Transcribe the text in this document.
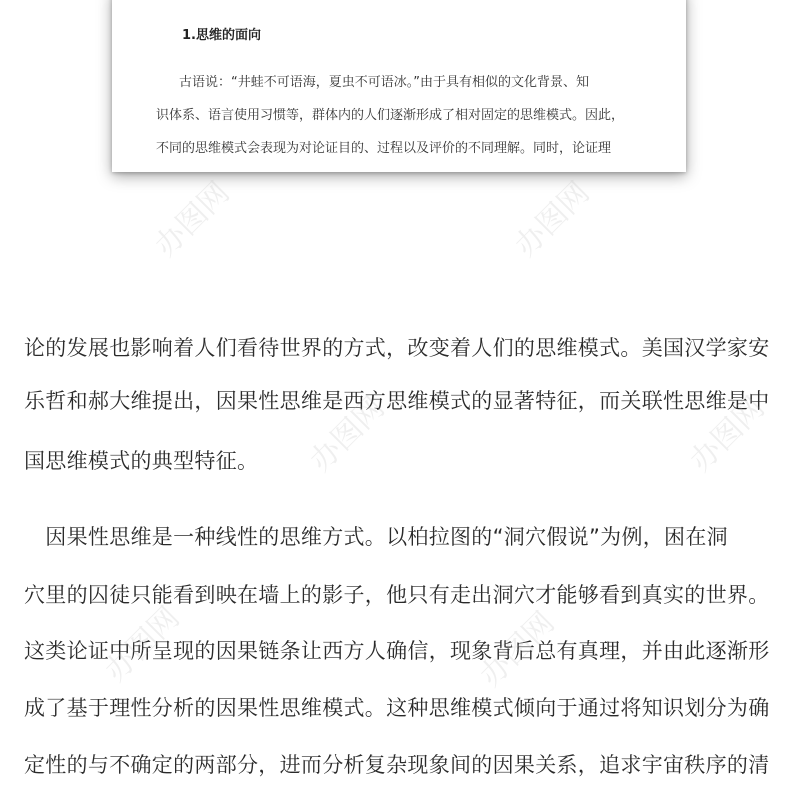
1.思维的面向
古语说：“井蛙不可语海，夏虫不可语冰。”由于具有相似的文化背景、知
识体系、语言使用习惯等，群体内的人们逐渐形成了相对固定的思维模式。因此，
不同的思维模式会表现为对论证目的、过程以及评价的不同理解。同时，论证理
论的发展也影响着人们看待世界的方式，改变着人们的思维模式。美国汉学家安
乐哲和郝大维提出，因果性思维是西方思维模式的显著特征，而关联性思维是中
国思维模式的典型特征。
　因果性思维是一种线性的思维方式。以柏拉图的“洞穴假说”为例，困在洞
穴里的囚徒只能看到映在墙上的影子，他只有走出洞穴才能够看到真实的世界。
这类论证中所呈现的因果链条让西方人确信，现象背后总有真理，并由此逐渐形
成了基于理性分析的因果性思维模式。这种思维模式倾向于通过将知识划分为确
定性的与不确定的两部分，进而分析复杂现象间的因果关系，追求宇宙秩序的清
办图网	办图网
办图网	办图网
办图网	办图网
